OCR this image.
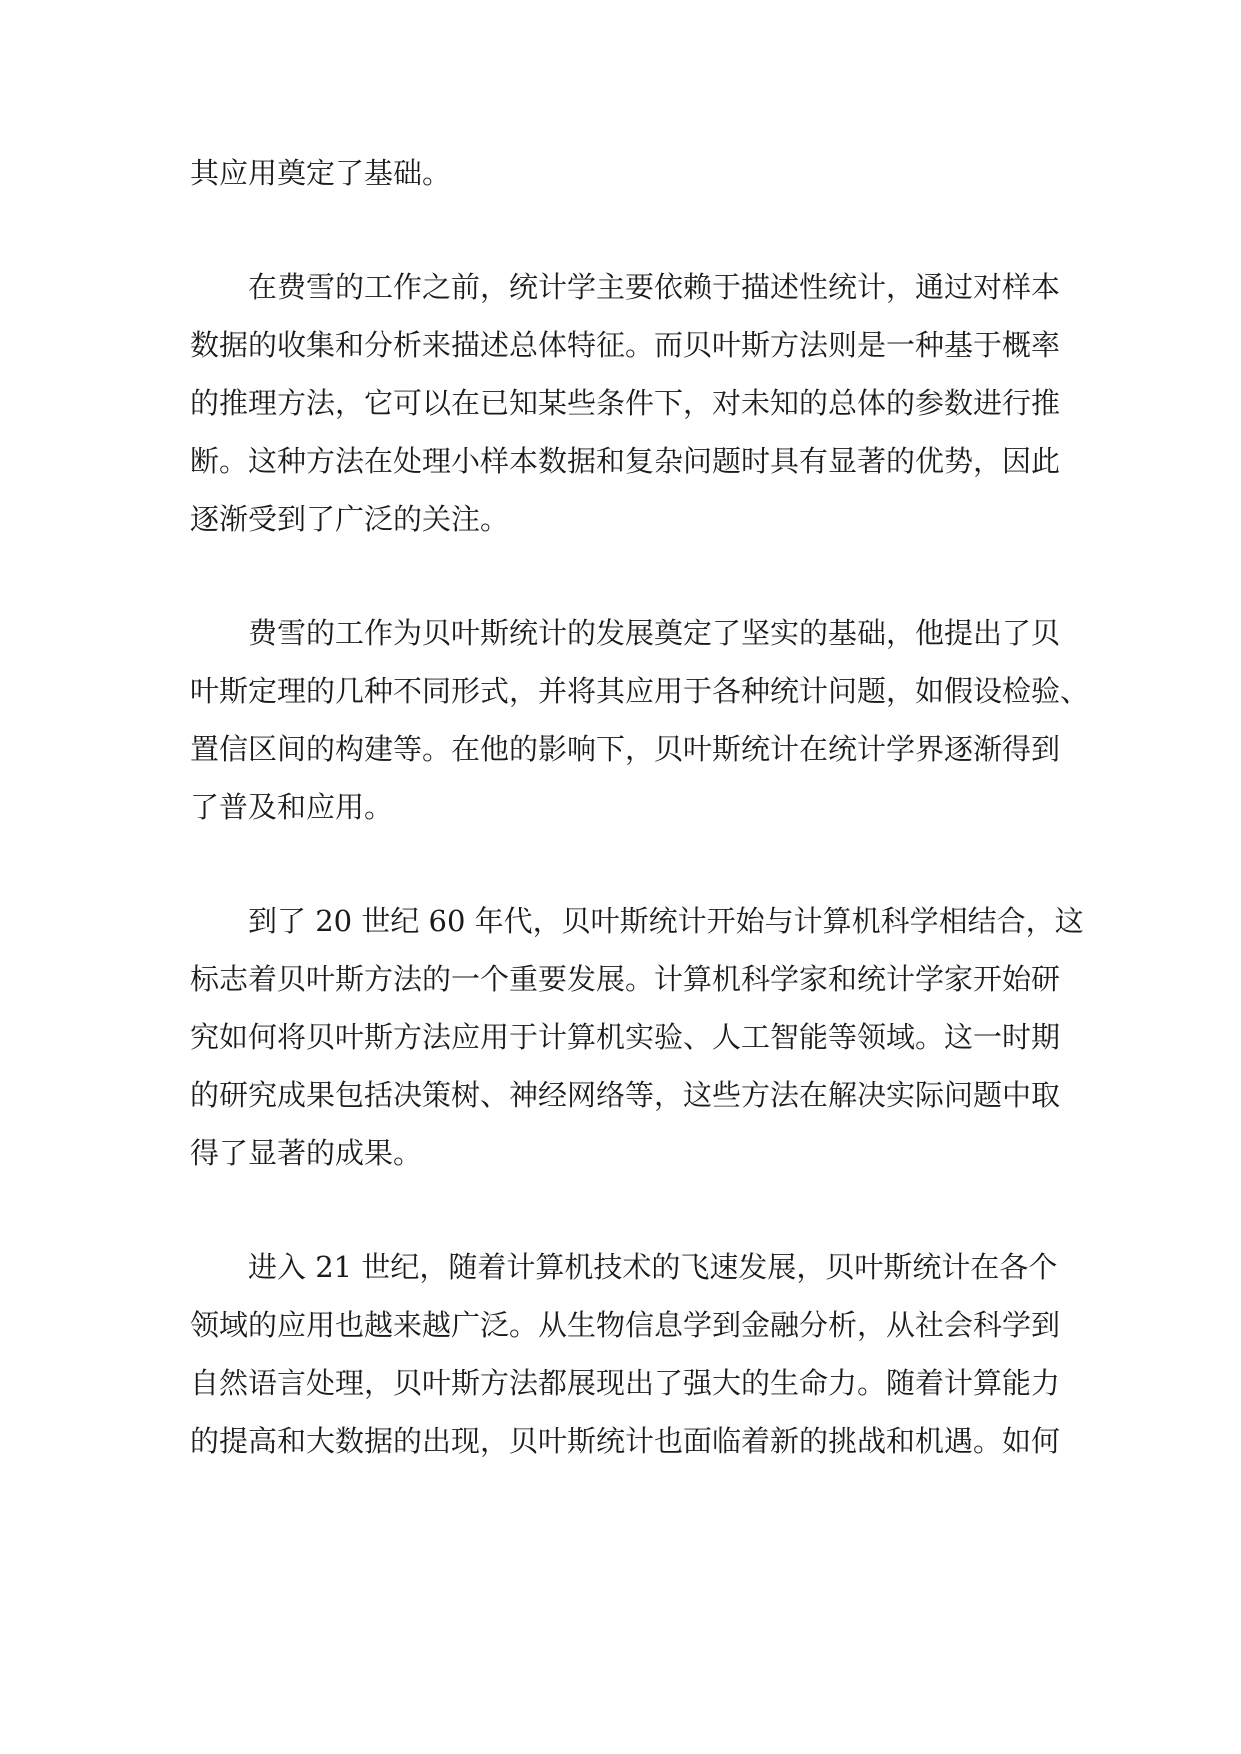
其应用奠定了基础。
在费雪的工作之前，统计学主要依赖于描述性统计，通过对样本
数据的收集和分析来描述总体特征。而贝叶斯方法则是一种基于概率
的推理方法，它可以在已知某些条件下，对未知的总体的参数进行推
断。这种方法在处理小样本数据和复杂问题时具有显著的优势，因此
逐渐受到了广泛的关注。
费雪的工作为贝叶斯统计的发展奠定了坚实的基础，他提出了贝
叶斯定理的几种不同形式，并将其应用于各种统计问题，如假设检验、
置信区间的构建等。在他的影响下，贝叶斯统计在统计学界逐渐得到
了普及和应用。
到了 20 世纪 60 年代，贝叶斯统计开始与计算机科学相结合，这
标志着贝叶斯方法的一个重要发展。计算机科学家和统计学家开始研
究如何将贝叶斯方法应用于计算机实验、人工智能等领域。这一时期
的研究成果包括决策树、神经网络等，这些方法在解决实际问题中取
得了显著的成果。
进入 21 世纪，随着计算机技术的飞速发展，贝叶斯统计在各个
领域的应用也越来越广泛。从生物信息学到金融分析，从社会科学到
自然语言处理，贝叶斯方法都展现出了强大的生命力。随着计算能力
的提高和大数据的出现，贝叶斯统计也面临着新的挑战和机遇。如何
